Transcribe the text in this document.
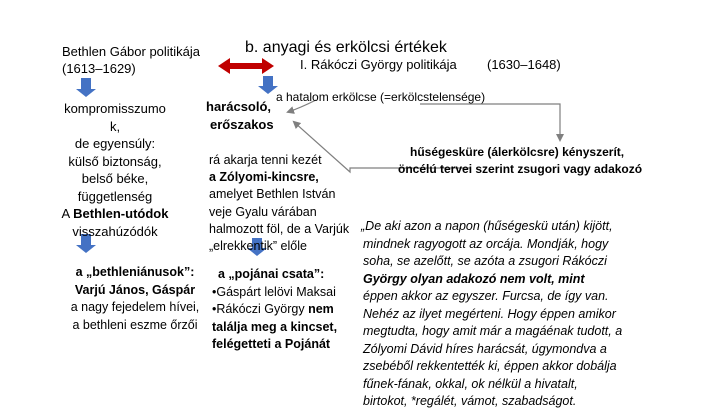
Bethlen Gábor politikája
(1613–1629)
b. anyagi és erkölcsi értékek
I. Rákóczi György politikája (1630–1648)
kompromisszumo
k,
de egyensúly:
külső biztonság,
belső béke,
függetlenség
A Bethlen-utódok
visszahúzódók
a hatalom erkölcse (=erkölcstelensége)
harácsoló,
erőszakos
hűségesküre (álerkölcsre) kényszerít,
öncélú tervei szerint zsugori vagy adakozó
rá akarja tenni kezét
a Zólyomi-kincsre,
amelyet Bethlen István
veje Gyalu várában
halmozott föl, de a Varjúk
„elrekkentik” előle
a „bethleniánusok”:
Varjú János, Gáspár
a nagy fejedelem hívei,
a bethleni eszme őrzői
a „pojánai csata”:
•Gáspárt lelövi Maksai
•Rákóczi György nem
találja meg a kincset,
felégetteti a Pojánát
„De aki azon a napon (hűségeskü után) kijött,
mindnek ragyogott az orcája. Mondják, hogy
soha, se azelőtt, se azóta a zsugori Rákóczi
György olyan adakozó nem volt, mint
éppen akkor az egyszer. Furcsa, de így van.
Nehéz az ilyet megérteni. Hogy éppen amikor
megtudta, hogy amit már a magáénak tudott, a
Zólyomi Dávid híres harácsát, úgymondva a
zsebéből rekkentették ki, éppen akkor dobálja
fűnek-fának, okkal, ok nélkül a hivatalt,
birtokot, *regálét, vámot, szabadságot.
